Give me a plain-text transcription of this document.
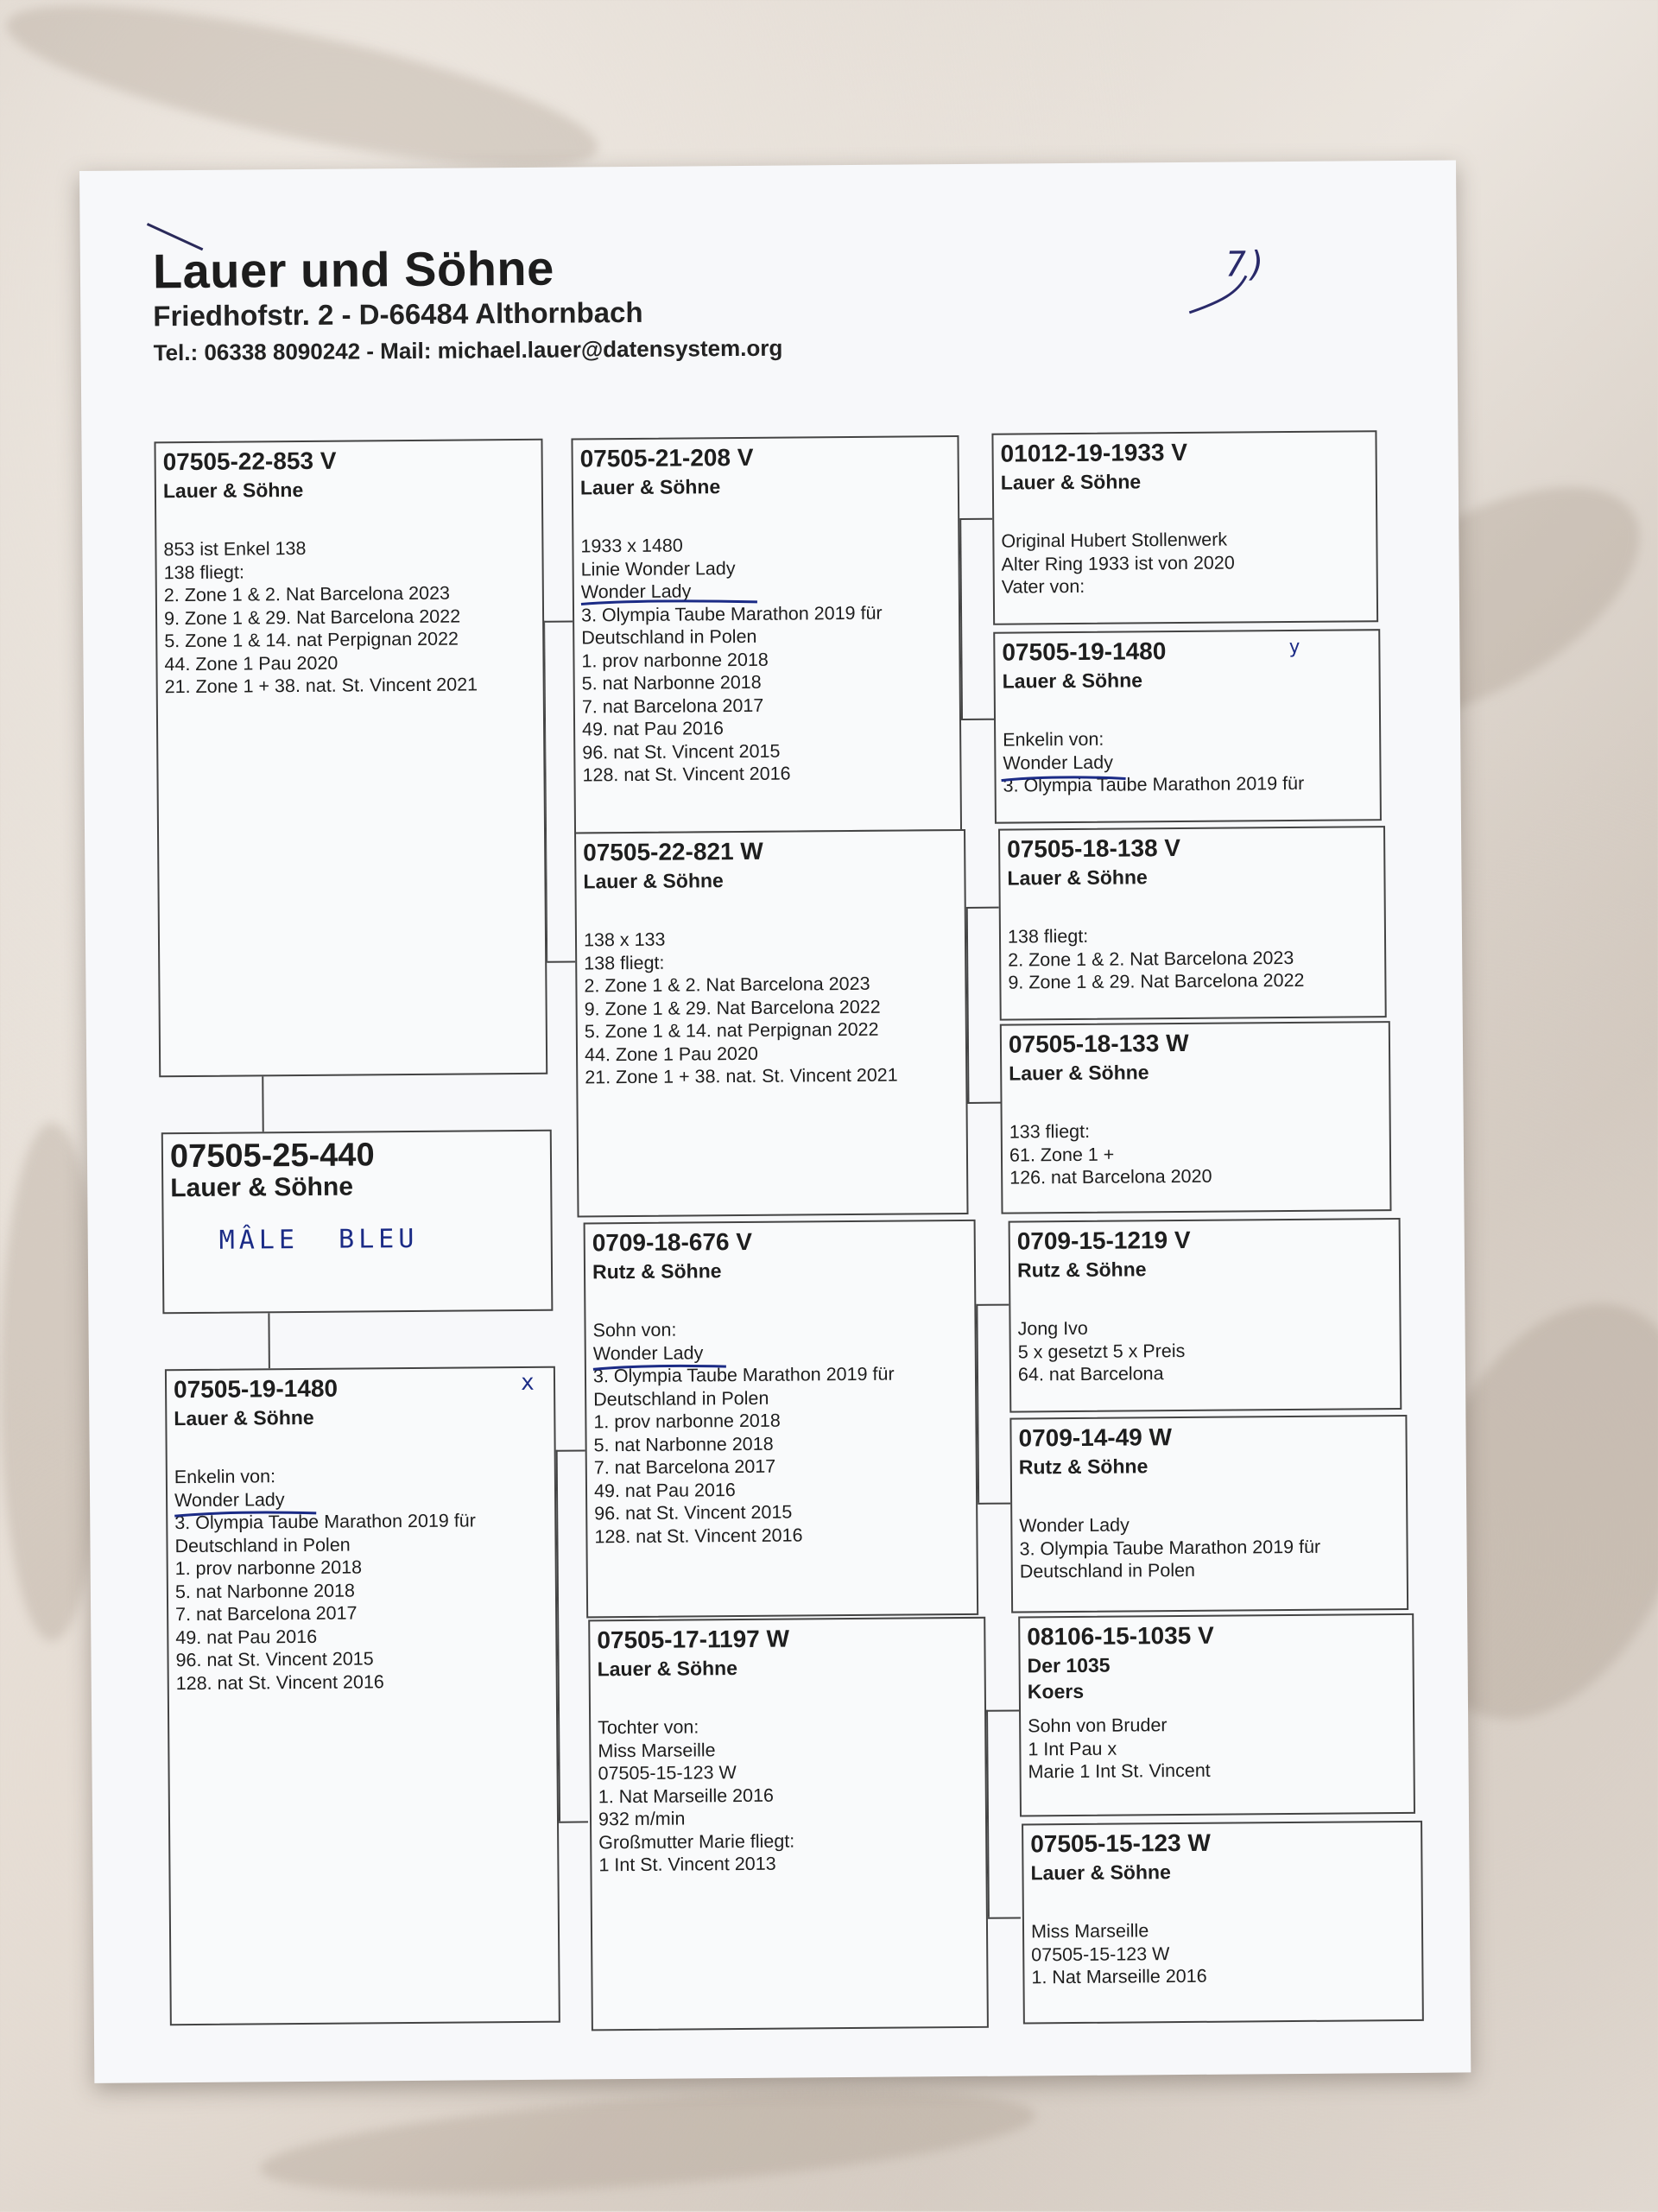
Lauer und Söhne
Friedhofstr. 2 - D-66484 Althornbach
Tel.: 06338 8090242 - Mail: michael.lauer@datensystem.org
7)
07505-22-853 V
Lauer & Söhne
853 ist Enkel 138
138 fliegt:
2. Zone 1 & 2. Nat Barcelona 2023
9. Zone 1 & 29. Nat Barcelona 2022
5. Zone 1 & 14. nat Perpignan 2022
44. Zone 1 Pau 2020
21. Zone 1 + 38. nat. St. Vincent 2021
07505-25-440
Lauer & Söhne
MÂLE  BLEU
07505-19-1480
Lauer & Söhne
Enkelin von:
Wonder Lady
3. Olympia Taube Marathon 2019 für
Deutschland in Polen
1. prov narbonne 2018
5. nat Narbonne 2018
7. nat Barcelona 2017
49. nat Pau 2016
96. nat St. Vincent 2015
128. nat St. Vincent 2016
x
07505-21-208 V
Lauer & Söhne
1933 x 1480
Linie Wonder Lady
Wonder Lady
3. Olympia Taube Marathon 2019 für
Deutschland in Polen
1. prov narbonne 2018
5. nat Narbonne 2018
7. nat Barcelona 2017
49. nat Pau 2016
96. nat St. Vincent 2015
128. nat St. Vincent 2016
07505-22-821 W
Lauer & Söhne
138 x 133
138 fliegt:
2. Zone 1 & 2. Nat Barcelona 2023
9. Zone 1 & 29. Nat Barcelona 2022
5. Zone 1 & 14. nat Perpignan 2022
44. Zone 1 Pau 2020
21. Zone 1 + 38. nat. St. Vincent 2021
0709-18-676 V
Rutz & Söhne
Sohn von:
Wonder Lady
3. Olympia Taube Marathon 2019 für
Deutschland in Polen
1. prov narbonne 2018
5. nat Narbonne 2018
7. nat Barcelona 2017
49. nat Pau 2016
96. nat St. Vincent 2015
128. nat St. Vincent 2016
07505-17-1197 W
Lauer & Söhne
Tochter von:
Miss Marseille
07505-15-123 W
1. Nat Marseille 2016
932 m/min
Großmutter Marie fliegt:
1 Int St. Vincent 2013
01012-19-1933 V
Lauer & Söhne
Original Hubert Stollenwerk
Alter Ring 1933 ist von 2020
Vater von:
07505-19-1480
Lauer & Söhne
Enkelin von:
Wonder Lady
3. Olympia Taube Marathon 2019 für
y
07505-18-138 V
Lauer & Söhne
138 fliegt:
2. Zone 1 & 2. Nat Barcelona 2023
9. Zone 1 & 29. Nat Barcelona 2022
07505-18-133 W
Lauer & Söhne
133 fliegt:
61. Zone 1 +
126. nat Barcelona 2020
0709-15-1219 V
Rutz & Söhne
Jong Ivo
5 x gesetzt 5 x Preis
64. nat Barcelona
0709-14-49 W
Rutz & Söhne
Wonder Lady
3. Olympia Taube Marathon 2019 für
Deutschland in Polen
08106-15-1035 V
Der 1035
Koers
Sohn von Bruder
1 Int Pau x
Marie 1 Int St. Vincent
07505-15-123 W
Lauer & Söhne
Miss Marseille
07505-15-123 W
1. Nat Marseille 2016
